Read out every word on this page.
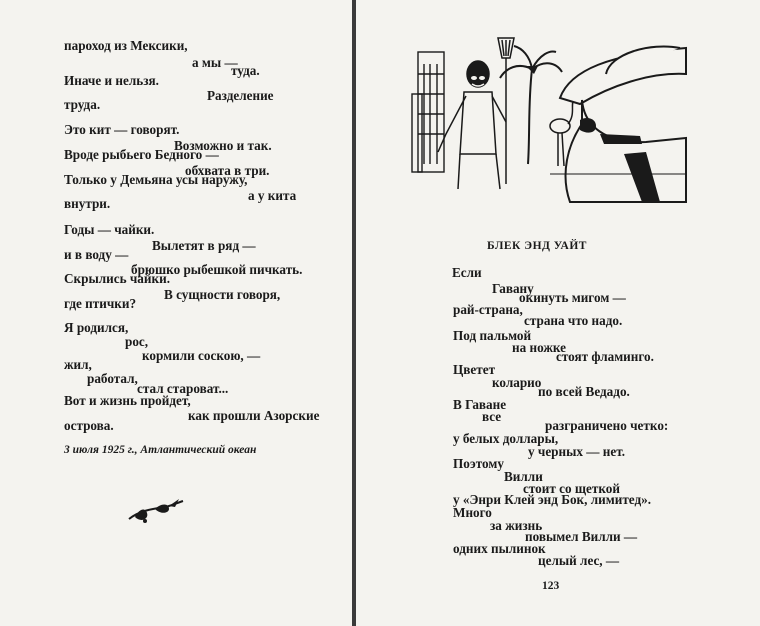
пароход из Мексики,
а мы —
туда.
Иначе и нельзя.
Разделение
труда.
Это кит — говорят.
Возможно и так.
Вроде рыбьего Бедного —
обхвата в три.
Только у Демьяна усы наружу,
а у кита
внутри.
Годы — чайки.
Вылетят в ряд —
и в воду —
брюшко рыбешкой пичкать.
Скрылись чайки.
В сущности говоря,
где птички?
Я родился,
рос,
кормили соскою, —
жил,
работал,
стал староват...
Вот и жизнь пройдет,
как прошли Азорские
острова.
3 июля 1925 г., Атлантический океан
БЛЕК ЭНД УАЙТ
Если
Гавану
окинуть мигом —
рай-страна,
страна что надо.
Под пальмой
на ножке
стоят фламинго.
Цветет
коларио
по всей Ведадо.
В Гаване
все
разграничено четко:
у белых доллары,
у черных — нет.
Поэтому
Вилли
стоит со щеткой
у «Энри Клей энд Бок, лимитед».
Много
за жизнь
повымел Вилли —
одних пылинок
целый лес, —
123
